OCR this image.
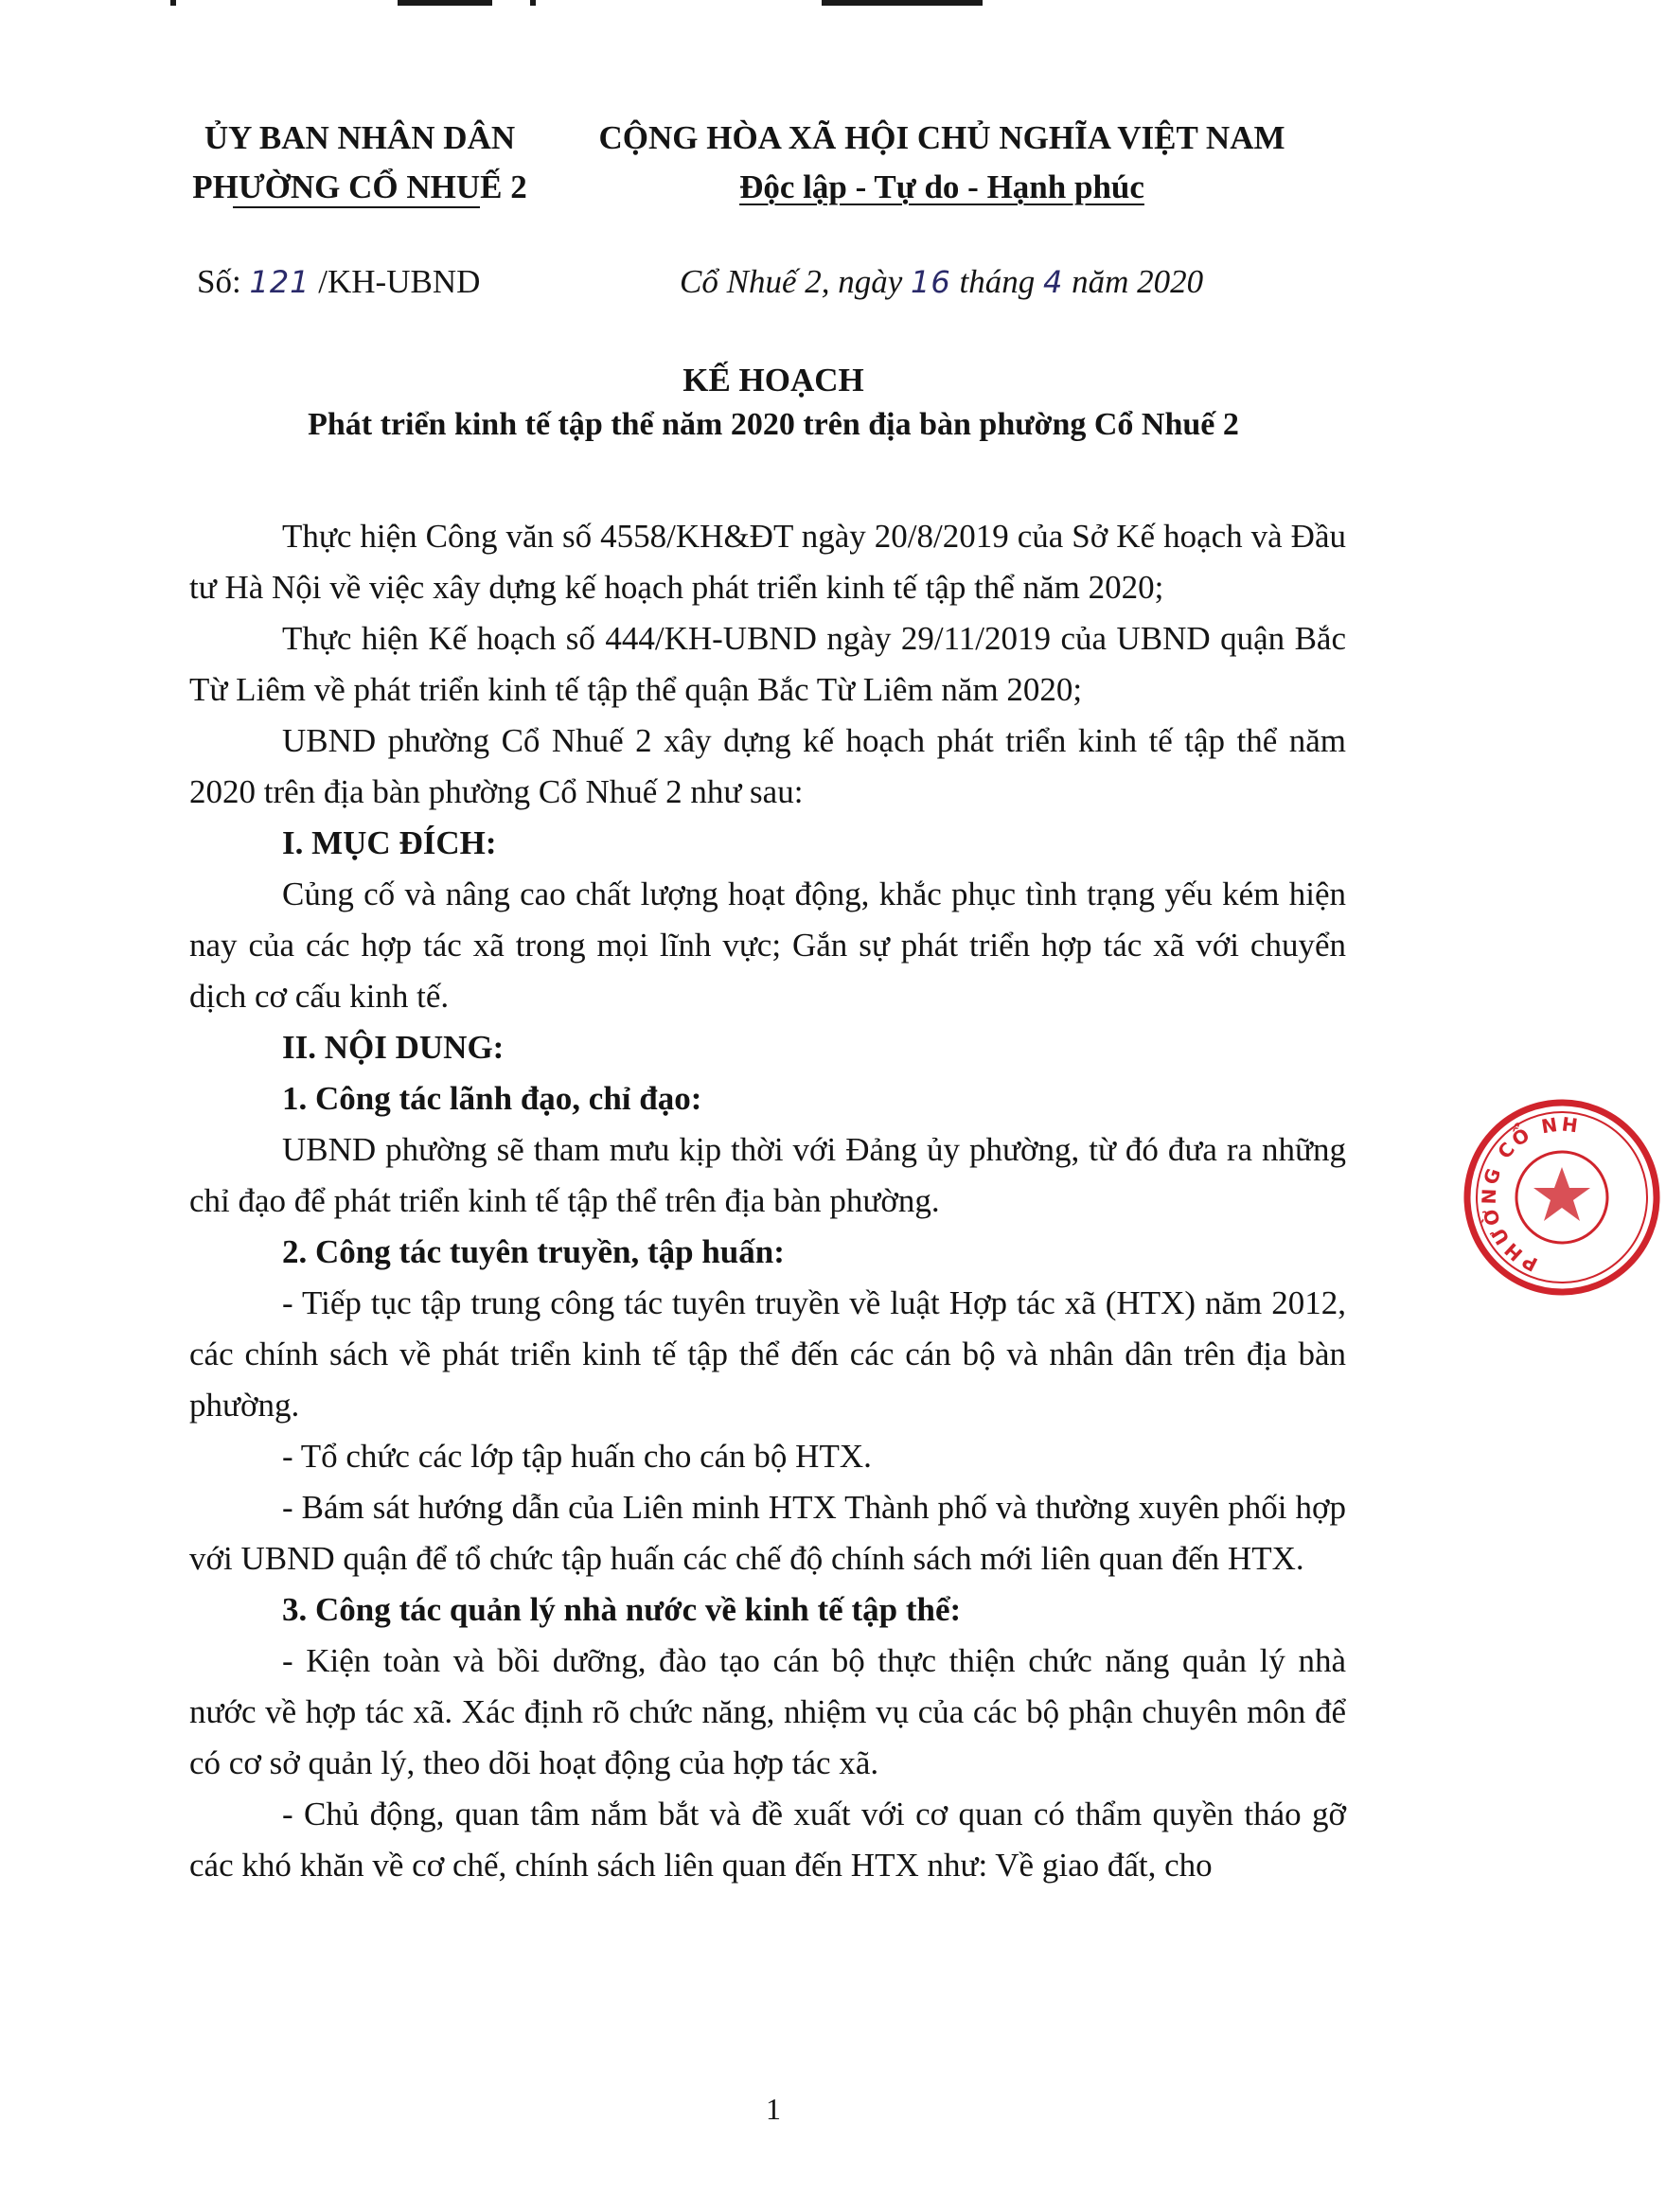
ỦY BAN NHÂN DÂN
PHƯỜNG CỔ NHUẾ 2
CỘNG HÒA XÃ HỘI CHỦ NGHĨA VIỆT NAM
Độc lập - Tự do - Hạnh phúc
Số: 121 /KH-UBND	Cổ Nhuế 2, ngày 16 tháng 4 năm 2020
KẾ HOẠCH
Phát triển kinh tế tập thể năm 2020 trên địa bàn phường Cổ Nhuế 2

Thực hiện Công văn số 4558/KH&ĐT ngày 20/8/2019 của Sở Kế hoạch và Đầu tư Hà Nội về việc xây dựng kế hoạch phát triển kinh tế tập thể năm 2020;

Thực hiện Kế hoạch số 444/KH-UBND ngày 29/11/2019 của UBND quận Bắc Từ Liêm về phát triển kinh tế tập thể quận Bắc Từ Liêm năm 2020;

UBND phường Cổ Nhuế 2 xây dựng kế hoạch phát triển kinh tế tập thể năm 2020 trên địa bàn phường Cổ Nhuế 2 như sau:

I. MỤC ĐÍCH:

Củng cố và nâng cao chất lượng hoạt động, khắc phục tình trạng yếu kém hiện nay của các hợp tác xã trong mọi lĩnh vực; Gắn sự phát triển hợp tác xã với chuyển dịch cơ cấu kinh tế.

II. NỘI DUNG:

1. Công tác lãnh đạo, chỉ đạo:

UBND phường sẽ tham mưu kịp thời với Đảng ủy phường, từ đó đưa ra những chỉ đạo để phát triển kinh tế tập thể trên địa bàn phường.

2. Công tác tuyên truyền, tập huấn:

- Tiếp tục tập trung công tác tuyên truyền về luật Hợp tác xã (HTX) năm 2012, các chính sách về phát triển kinh tế tập thể đến các cán bộ và nhân dân trên địa bàn phường.

- Tổ chức các lớp tập huấn cho cán bộ HTX.

- Bám sát hướng dẫn của Liên minh HTX Thành phố và thường xuyên phối hợp với UBND quận để tổ chức tập huấn các chế độ chính sách mới liên quan đến HTX.

3. Công tác quản lý nhà nước về kinh tế tập thể:

- Kiện toàn và bồi dưỡng, đào tạo cán bộ thực thiện chức năng quản lý nhà nước về hợp tác xã. Xác định rõ chức năng, nhiệm vụ của các bộ phận chuyên môn để có cơ sở quản lý, theo dõi hoạt động của hợp tác xã.

- Chủ động, quan tâm nắm bắt và đề xuất với cơ quan có thẩm quyền tháo gỡ các khó khăn về cơ chế, chính sách liên quan đến HTX như: Về giao đất, cho

1
PHƯỜNG CỔ NHUẾ
